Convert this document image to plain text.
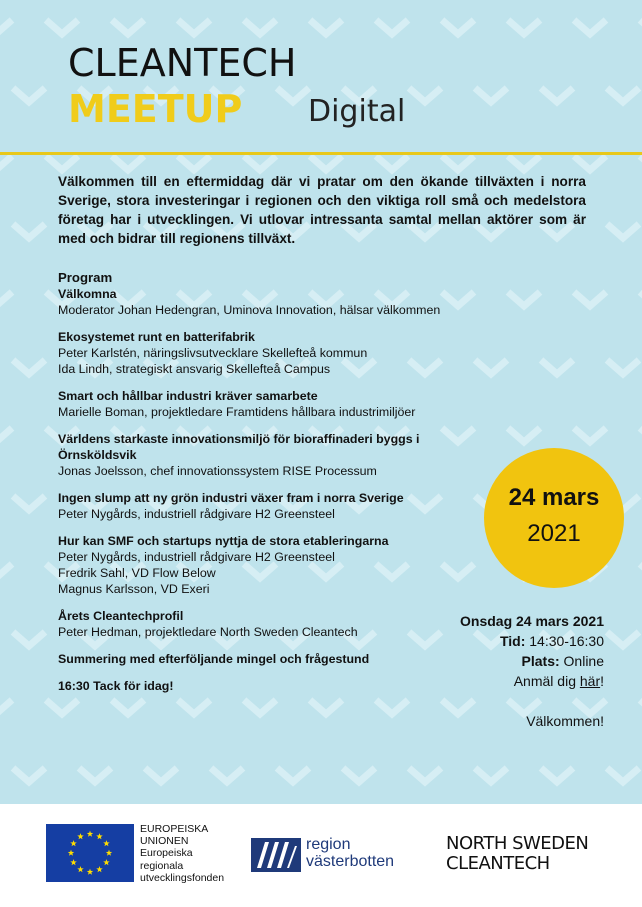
CLEANTECH
MEETUP Digital

Välkommen till en eftermiddag där vi pratar om den ökande tillväxten i norra Sverige, stora investeringar i regionen och den viktiga roll små och medelstora företag har i utvecklingen. Vi utlovar intressanta samtal mellan aktörer som är med och bidrar till regionens tillväxt.

Program
Välkomna
Moderator Johan Hedengran, Uminova Innovation, hälsar välkommen
Ekosystemet runt en batterifabrik
Peter Karlstén, näringslivsutvecklare Skellefteå kommun
Ida Lindh, strategiskt ansvarig Skellefteå Campus
Smart och hållbar industri kräver samarbete
Marielle Boman, projektledare Framtidens hållbara industrimiljöer
Världens starkaste innovationsmiljö för bioraffinaderi byggs i Örnsköldsvik
Jonas Joelsson, chef innovationssystem RISE Processum
Ingen slump att ny grön industri växer fram i norra Sverige
Peter Nygårds, industriell rådgivare H2 Greensteel
Hur kan SMF och startups nyttja de stora etableringarna
Peter Nygårds, industriell rådgivare H2 Greensteel
Fredrik Sahl, VD Flow Below
Magnus Karlsson, VD Exeri
Årets Cleantechprofil
Peter Hedman, projektledare North Sweden Cleantech
Summering med efterföljande mingel och frågestund
16:30 Tack för idag!
24 mars
2021
Onsdag 24 mars 2021
Tid: 14:30-16:30
Plats: Online
Anmäl dig här!
Välkommen!
EUROPEISKA
UNIONEN
Europeiska
regionala
utvecklingsfonden
region
västerbotten
NORTH SWEDEN
CLEANTECH
